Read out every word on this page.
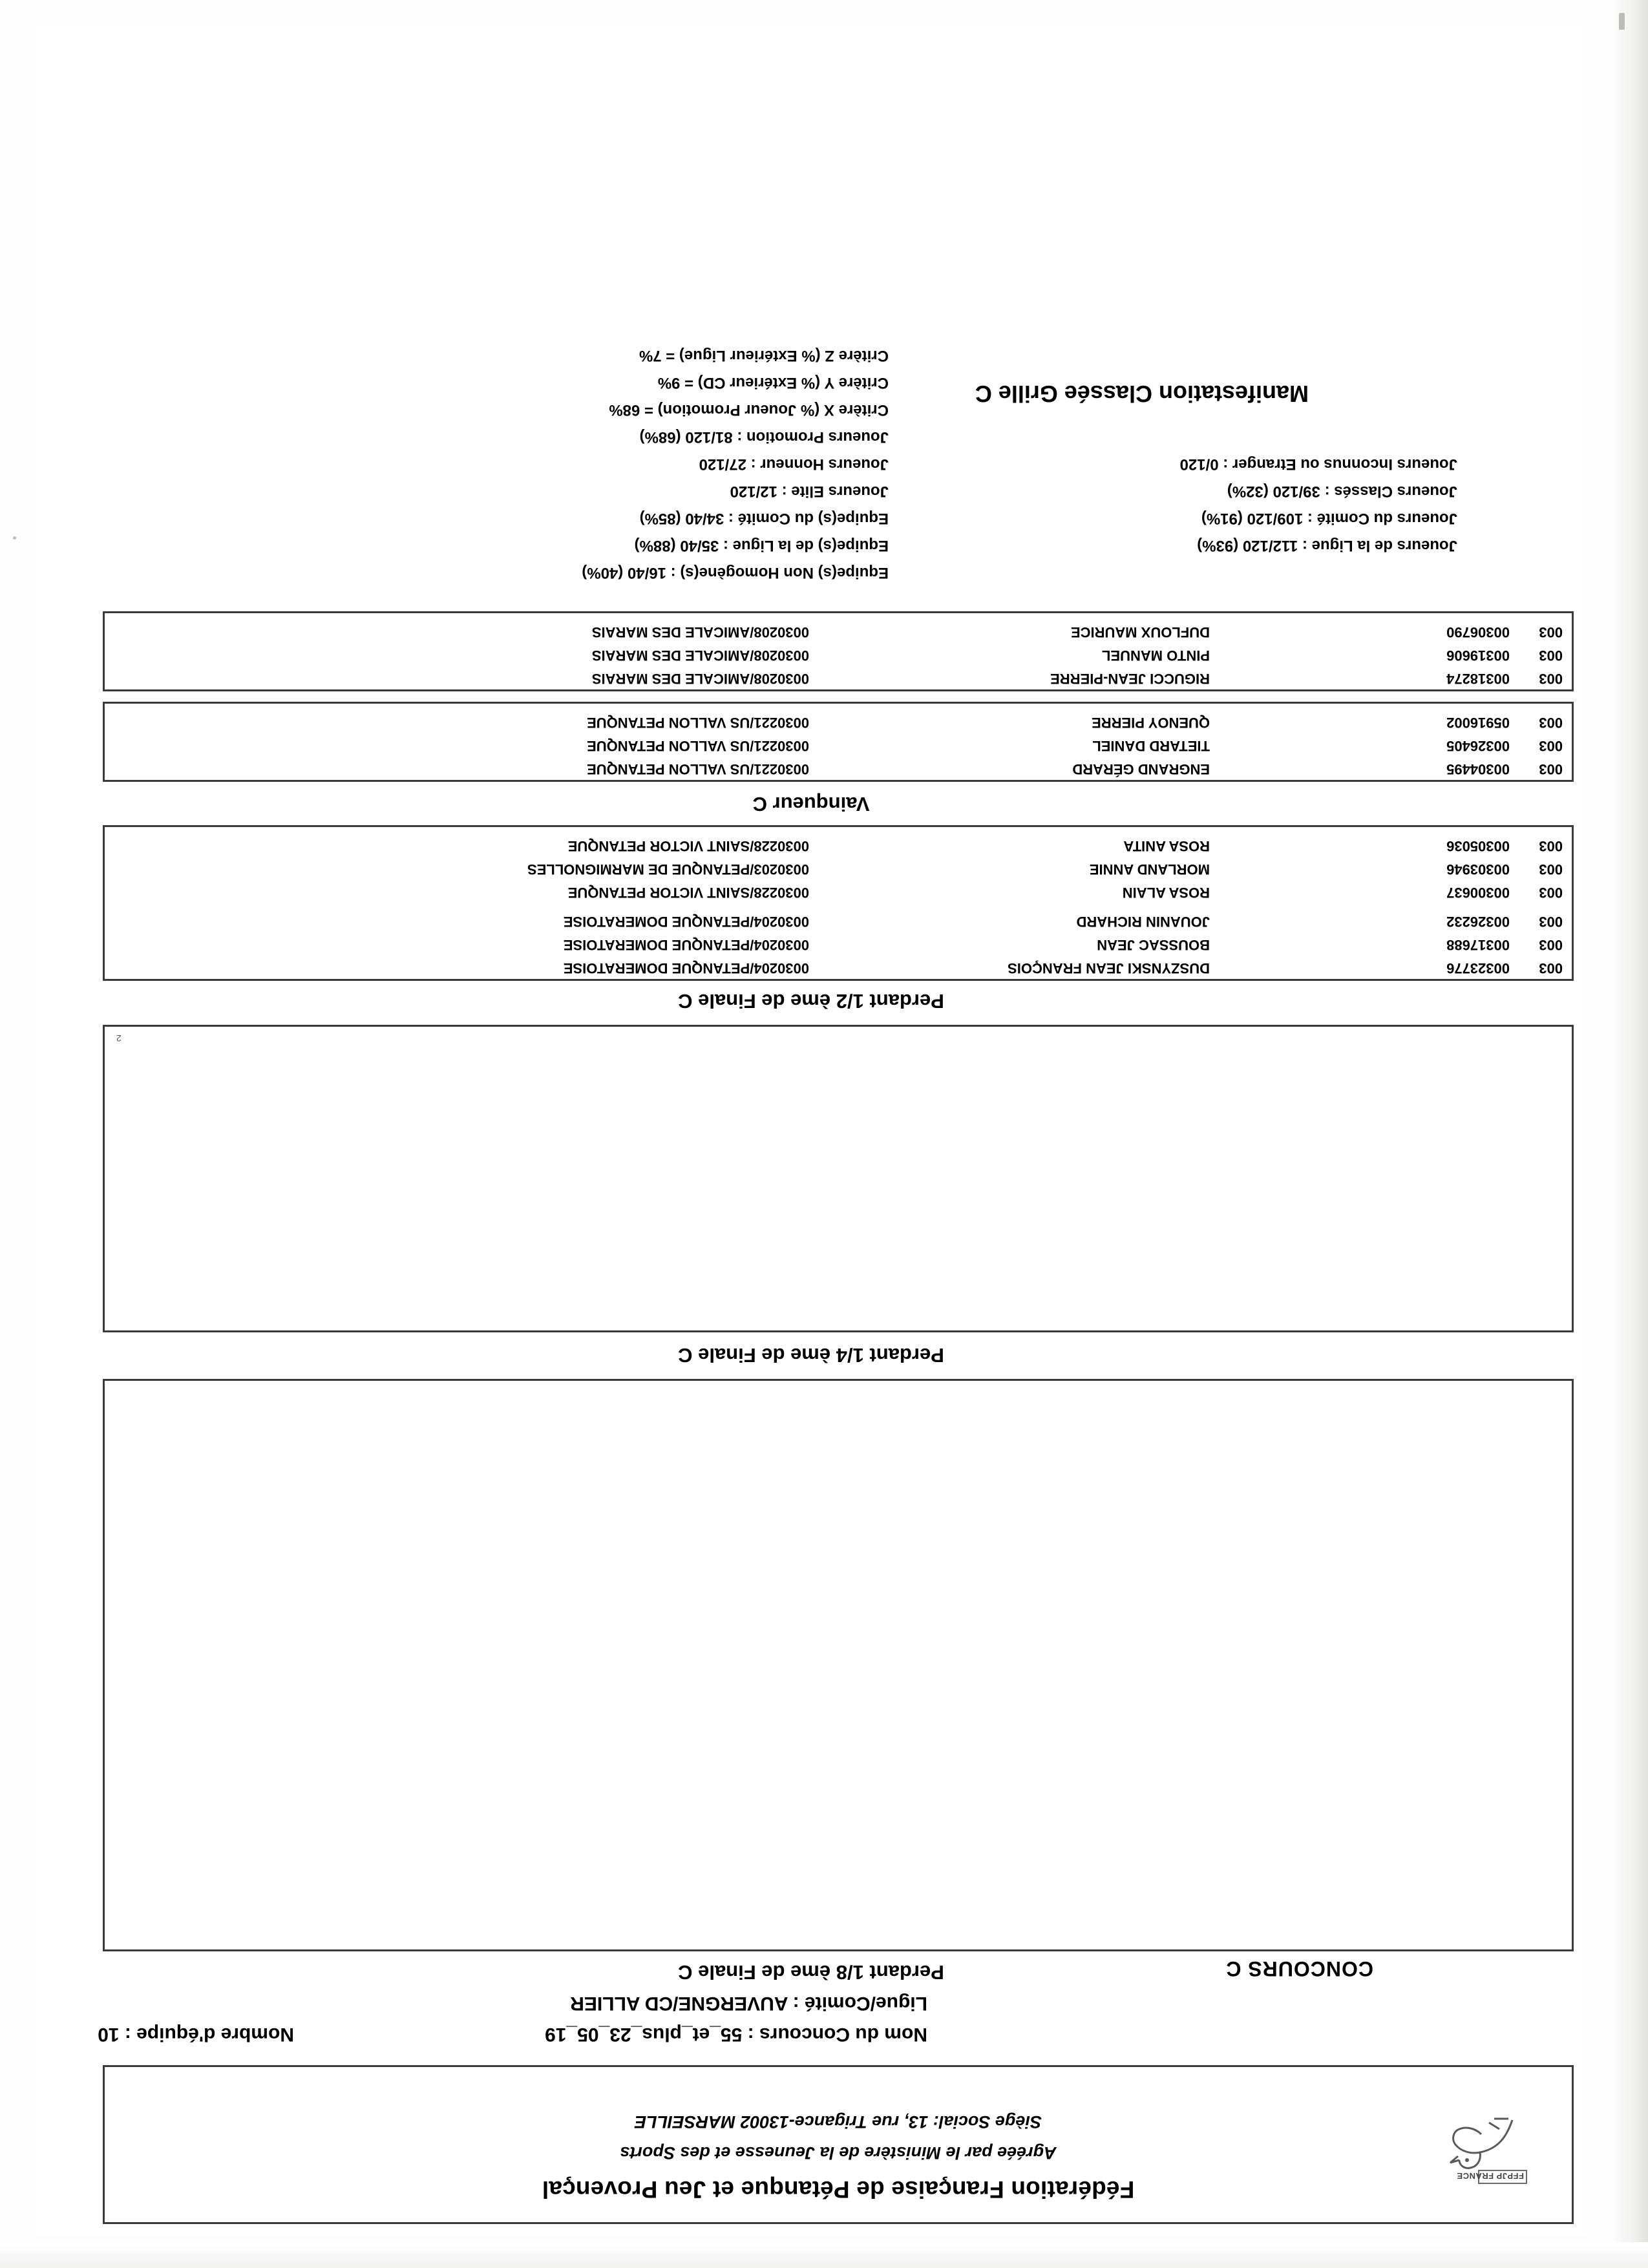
FFPJP FRANCE
Fédération Française de Pétanque et Jeu Provençal
Agréée par le Ministère de la Jeunesse et des Sports
Siège Social: 13, rue Trigance-13002 MARSEILLE
Nom du Concours : 55_et_plus_23_05_19
Nombre d'équipe : 10
Ligue/Comité : AUVERGNE/CD ALLIER
CONCOURS C
Perdant 1/8 ème de Finale C
Perdant 1/4 ème de Finale C
2
Perdant 1/2 ème de Finale C
003
00323776
DUSZYNSKI JEAN FRANÇOIS
0030204/PETANQUE DOMERATOISE
003
00317688
BOUSSAC JEAN
0030204/PETANQUE DOMERATOISE
003
00326232
JOUANIN RICHARD
0030204/PETANQUE DOMERATOISE
003
00300637
ROSA ALAIN
0030228/SAINT VICTOR PETANQUE
003
00303946
MORLAND ANNIE
0030203/PETANQUE DE MARMIGNOLLES
003
00305036
ROSA ANITA
0030228/SAINT VICTOR PETANQUE
Vainqueur C
003
00304495
ENGRAND GÉRARD
0030221/US VALLON PETANQUE
003
00326405
TIETARD DANIEL
0030221/US VALLON PETANQUE
003
05916002
QUENOY PIERRE
0030221/US VALLON PETANQUE
003
00318274
RIGUCCI JEAN-PIERRE
0030208/AMICALE DES MARAIS
003
00319606
PINTO MANUEL
0030208/AMICALE DES MARAIS
003
00306790
DUFLOUX MAURICE
0030208/AMICALE DES MARAIS
Equipe(s) Non Homogène(s) : 16/40 (40%)
Equipe(s) de la Ligue : 35/40 (88%)
Equipe(s) du Comité : 34/40 (85%)
Joueurs Elite : 12/120
Joueurs Honneur : 27/120
Joueurs Promotion : 81/120 (68%)
Critère X (% Joueur Promotion) = 68%
Critère Y (% Extérieur CD) = 9%
Critère Z (% Extérieur Ligue) = 7%
Joueurs de la Ligue : 112/120 (93%)
Joueurs du Comité : 109/120 (91%)
Joueurs Classés : 39/120 (32%)
Joueurs Inconnus ou Etranger : 0/120
Manifestation Classée Grille C
